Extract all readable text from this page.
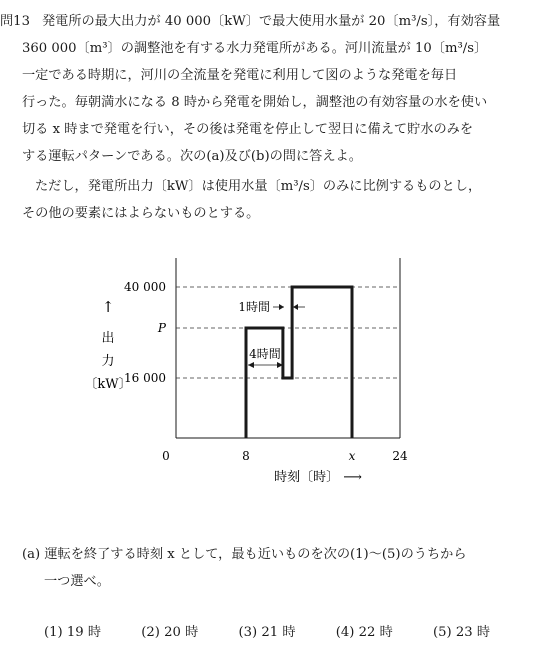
問13 発電所の最大出力が 40 000〔kW〕で最大使用水量が 20〔m³/s〕，有効容量
360 000〔m³〕の調整池を有する水力発電所がある。河川流量が 10〔m³/s〕
一定である時期に，河川の全流量を発電に利用して図のような発電を毎日
行った。毎朝満水になる 8 時から発電を開始し，調整池の有効容量の水を使い
切る x 時まで発電を行い，その後は発電を停止して翌日に備えて貯水のみを
する運転パターンである。次の(a)及び(b)の問に答えよ。
ただし，発電所出力〔kW〕は使用水量〔m³/s〕のみに比例するものとし，
その他の要素にはよらないものとする。
40 000
P
16 000
0	8	x	24
↑
出
力
〔kW〕
1時間
4時間
時刻〔時〕 ⟶
(a) 運転を終了する時刻 x として，最も近いものを次の(1)～(5)のうちから
一つ選べ。
(1) 19 時	(2) 20 時	(3) 21 時	(4) 22 時	(5) 23 時
